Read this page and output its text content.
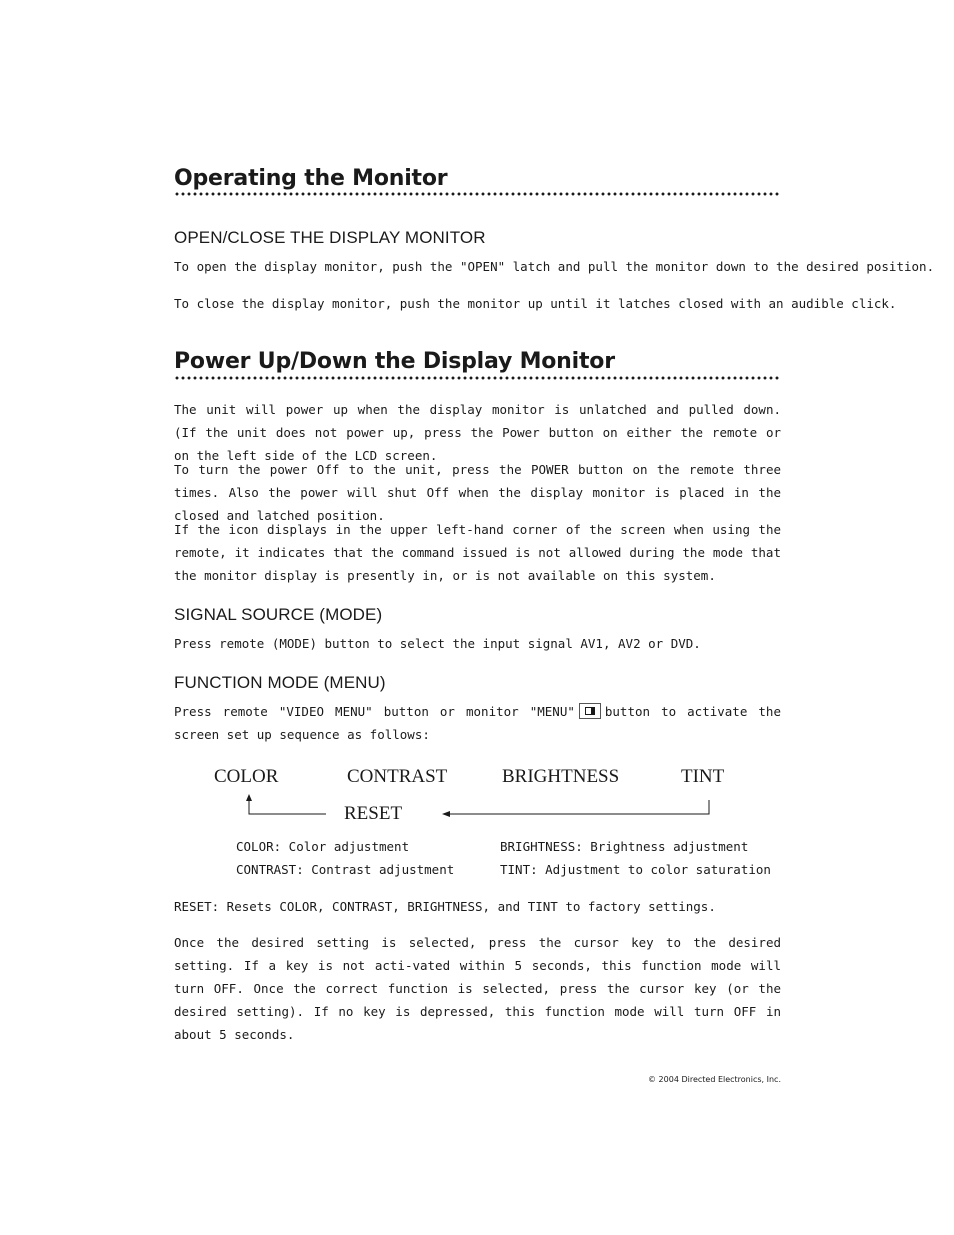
Operating the Monitor
OPEN/CLOSE THE DISPLAY MONITOR
To open the display monitor, push the "OPEN" latch and pull the monitor down to the desired position.
To close the display monitor, push the monitor up until it latches closed with an audible click.
Power Up/Down the Display Monitor
The unit will power up when the display monitor is unlatched and pulled down. (If the unit does not power up, press the Power button on either the remote or on the left side of the LCD screen.
To turn the power Off to the unit, press the POWER button on the remote three times. Also the power will shut Off when the display monitor is placed in the closed and latched position.
If the icon displays in the upper left-hand corner of the screen when using the remote, it indicates that the command issued is not allowed during the mode that the monitor display is presently in, or is not available on this system.
SIGNAL SOURCE (MODE)
Press remote (MODE) button to select the input signal AV1, AV2 or DVD.
FUNCTION MODE (MENU)
Press remote "VIDEO MENU" button or monitor "MENU" button to activate the screen set up sequence as follows:
COLOR	CONTRAST	BRIGHTNESS	TINT
RESET
COLOR: Color adjustment
CONTRAST: Contrast adjustment
BRIGHTNESS: Brightness adjustment
TINT: Adjustment to color saturation
RESET: Resets COLOR, CONTRAST, BRIGHTNESS, and TINT to factory settings.
Once the desired setting is selected, press the cursor key to the desired setting. If a key is not acti-vated within 5 seconds, this function mode will turn OFF. Once the correct function is selected, press the cursor key (or the desired setting). If no key is depressed, this function mode will turn OFF in about 5 seconds.
© 2004 Directed Electronics, Inc.
